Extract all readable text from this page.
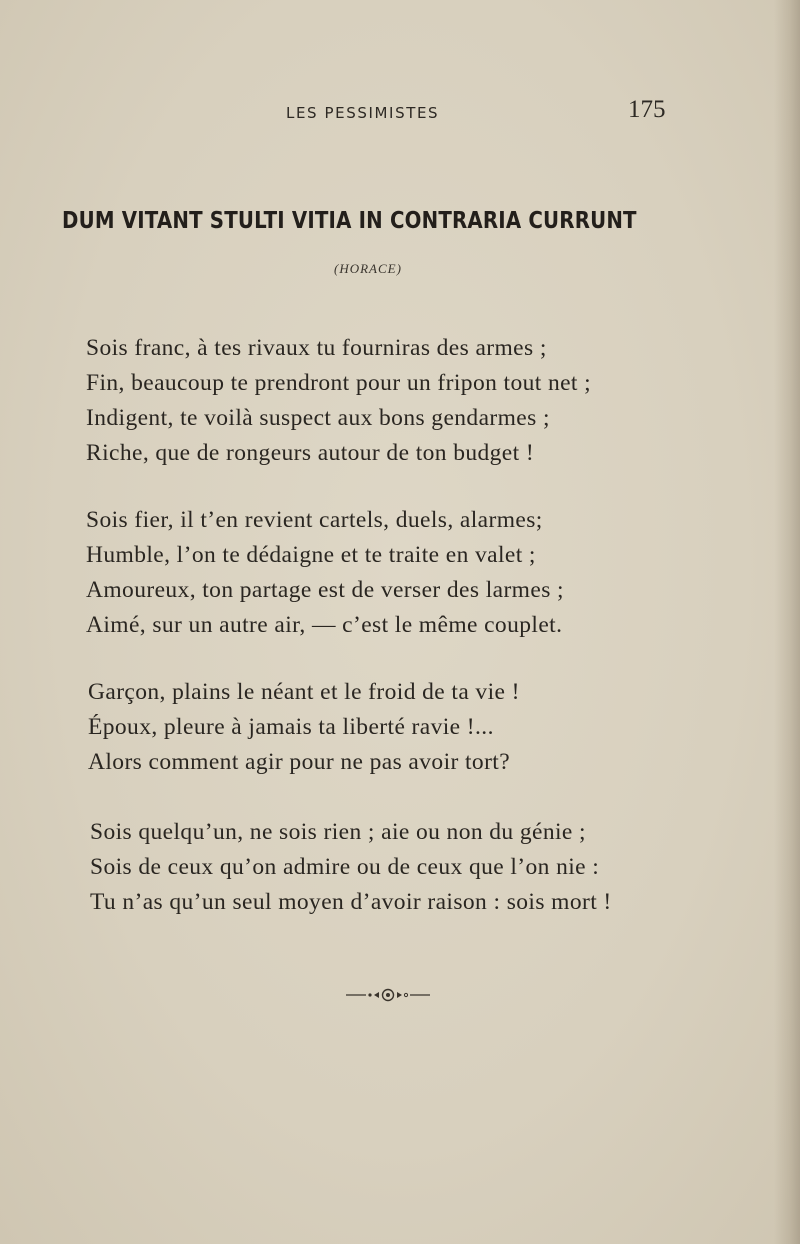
LES PESSIMISTES	175
DUM VITANT STULTI VITIA IN CONTRARIA CURRUNT
(HORACE)
Sois franc, à tes rivaux tu fourniras des armes ;
Fin, beaucoup te prendront pour un fripon tout net ;
Indigent, te voilà suspect aux bons gendarmes ;
Riche, que de rongeurs autour de ton budget !
Sois fier, il t’en revient cartels, duels, alarmes;
Humble, l’on te dédaigne et te traite en valet ;
Amoureux, ton partage est de verser des larmes ;
Aimé, sur un autre air, — c’est le même couplet.
Garçon, plains le néant et le froid de ta vie !
Époux, pleure à jamais ta liberté ravie !...
Alors comment agir pour ne pas avoir tort?
Sois quelqu’un, ne sois rien ; aie ou non du génie ;
Sois de ceux qu’on admire ou de ceux que l’on nie :
Tu n’as qu’un seul moyen d’avoir raison : sois mort !
